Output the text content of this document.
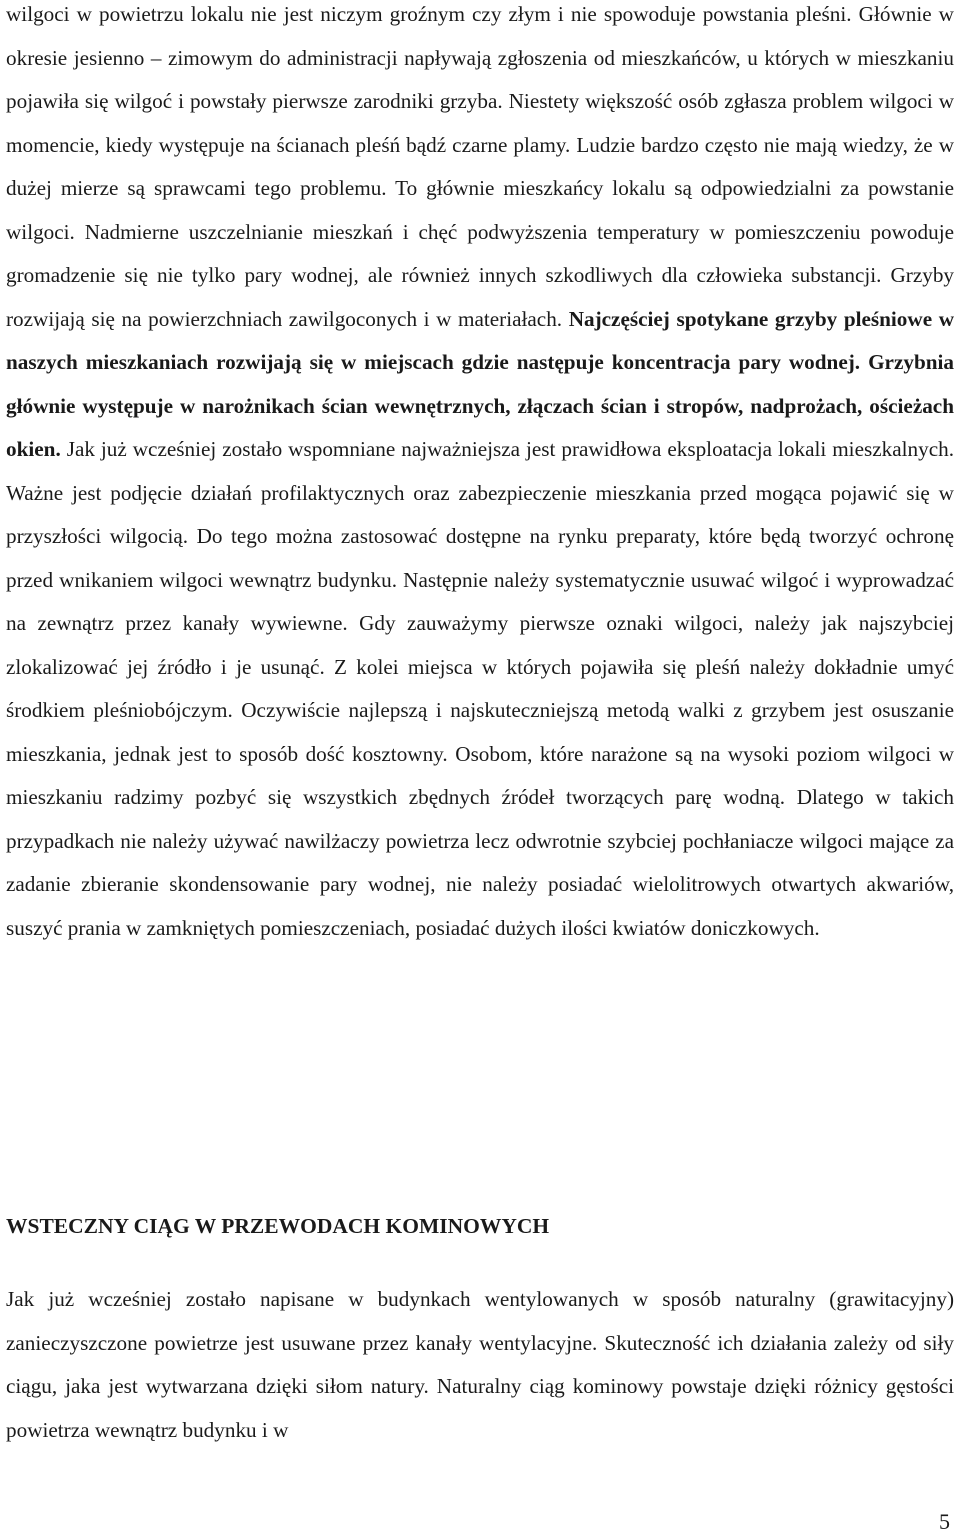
wilgoci w powietrzu lokalu nie jest niczym groźnym czy złym i nie spowoduje powstania pleśni. Głównie w okresie jesienno – zimowym do administracji napływają zgłoszenia od mieszkańców, u których w mieszkaniu pojawiła się wilgoć i powstały pierwsze zarodniki grzyba. Niestety większość osób zgłasza problem wilgoci w momencie, kiedy występuje na ścianach pleśń bądź czarne plamy. Ludzie bardzo często nie mają wiedzy, że w dużej mierze są sprawcami tego problemu. To głównie mieszkańcy lokalu są odpowiedzialni za powstanie wilgoci. Nadmierne uszczelnianie mieszkań i chęć podwyższenia temperatury w pomieszczeniu powoduje gromadzenie się nie tylko pary wodnej, ale również innych szkodliwych dla człowieka substancji. Grzyby rozwijają się na powierzchniach zawilgoconych i w materiałach. Najczęściej spotykane grzyby pleśniowe w naszych mieszkaniach rozwijają się w miejscach gdzie następuje koncentracja pary wodnej. Grzybnia głównie występuje w narożnikach ścian wewnętrznych, złączach ścian i stropów, nadprożach, ościeżach okien. Jak już wcześniej zostało wspomniane najważniejsza jest prawidłowa eksploatacja lokali mieszkalnych. Ważne jest podjęcie działań profilaktycznych oraz zabezpieczenie mieszkania przed mogąca pojawić się w przyszłości wilgocią. Do tego można zastosować dostępne na rynku preparaty, które będą tworzyć ochronę przed wnikaniem wilgoci wewnątrz budynku. Następnie należy systematycznie usuwać wilgoć i wyprowadzać na zewnątrz przez kanały wywiewne. Gdy zauważymy pierwsze oznaki wilgoci, należy jak najszybciej zlokalizować jej źródło i je usunąć. Z kolei miejsca w których pojawiła się pleśń należy dokładnie umyć środkiem pleśniobójczym. Oczywiście najlepszą i najskuteczniejszą metodą walki z grzybem jest osuszanie mieszkania, jednak jest to sposób dość kosztowny. Osobom, które narażone są na wysoki poziom wilgoci w mieszkaniu radzimy pozbyć się wszystkich zbędnych źródeł tworzących parę wodną. Dlatego w takich przypadkach nie należy używać nawilżaczy powietrza lecz odwrotnie szybciej pochłaniacze wilgoci mające za zadanie zbieranie skondensowanie pary wodnej, nie należy posiadać wielolitrowych otwartych akwariów, suszyć prania w zamkniętych pomieszczeniach, posiadać dużych ilości kwiatów doniczkowych.

WSTECZNY CIĄG W PRZEWODACH KOMINOWYCH

Jak już wcześniej zostało napisane w budynkach wentylowanych w sposób naturalny (grawitacyjny) zanieczyszczone powietrze jest usuwane przez kanały wentylacyjne. Skuteczność ich działania zależy od siły ciągu, jaka jest wytwarzana dzięki siłom natury. Naturalny ciąg kominowy powstaje dzięki różnicy gęstości powietrza wewnątrz budynku i w

5
